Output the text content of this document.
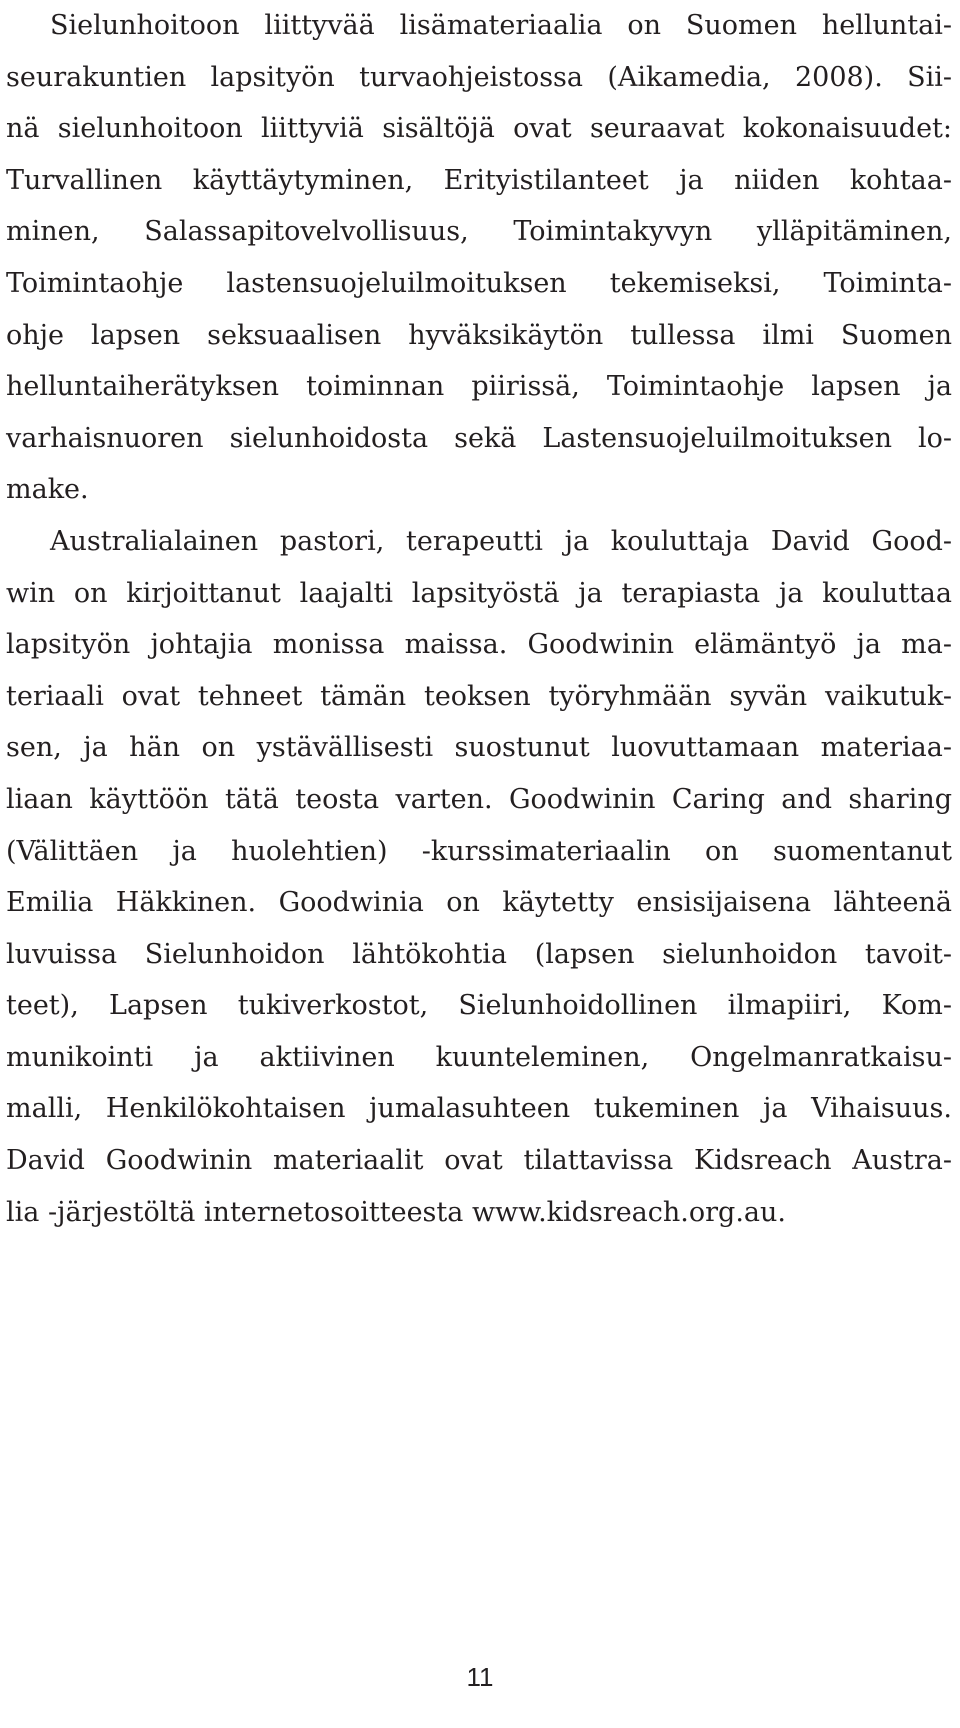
Sielunhoitoon liittyvää lisämateriaalia on Suomen helluntai-
seurakuntien lapsityön turvaohjeistossa (Aikamedia, 2008). Sii-
nä sielunhoitoon liittyviä sisältöjä ovat seuraavat kokonaisuudet:
Turvallinen käyttäytyminen, Erityistilanteet ja niiden kohtaa-
minen, Salassapitovelvollisuus, Toimintakyvyn ylläpitäminen,
Toimintaohje lastensuojeluilmoituksen tekemiseksi, Toiminta-
ohje lapsen seksuaalisen hyväksikäytön tullessa ilmi Suomen
helluntaiherätyksen toiminnan piirissä, Toimintaohje lapsen ja
varhaisnuoren sielunhoidosta sekä Lastensuojeluilmoituksen lo-
make.
Australialainen pastori, terapeutti ja kouluttaja David Good-
win on kirjoittanut laajalti lapsityöstä ja terapiasta ja kouluttaa
lapsityön johtajia monissa maissa. Goodwinin elämäntyö ja ma-
teriaali ovat tehneet tämän teoksen työryhmään syvän vaikutuk-
sen, ja hän on ystävällisesti suostunut luovuttamaan materiaa-
liaan käyttöön tätä teosta varten. Goodwinin Caring and sharing
(Välittäen ja huolehtien) -kurssimateriaalin on suomentanut
Emilia Häkkinen. Goodwinia on käytetty ensisijaisena lähteenä
luvuissa Sielunhoidon lähtökohtia (lapsen sielunhoidon tavoit-
teet), Lapsen tukiverkostot, Sielunhoidollinen ilmapiiri, Kom-
munikointi ja aktiivinen kuunteleminen, Ongelmanratkaisu-
malli, Henkilökohtaisen jumalasuhteen tukeminen ja Vihaisuus.
David Goodwinin materiaalit ovat tilattavissa Kidsreach Austra-
lia -järjestöltä internetosoitteesta www.kidsreach.org.au.
11
